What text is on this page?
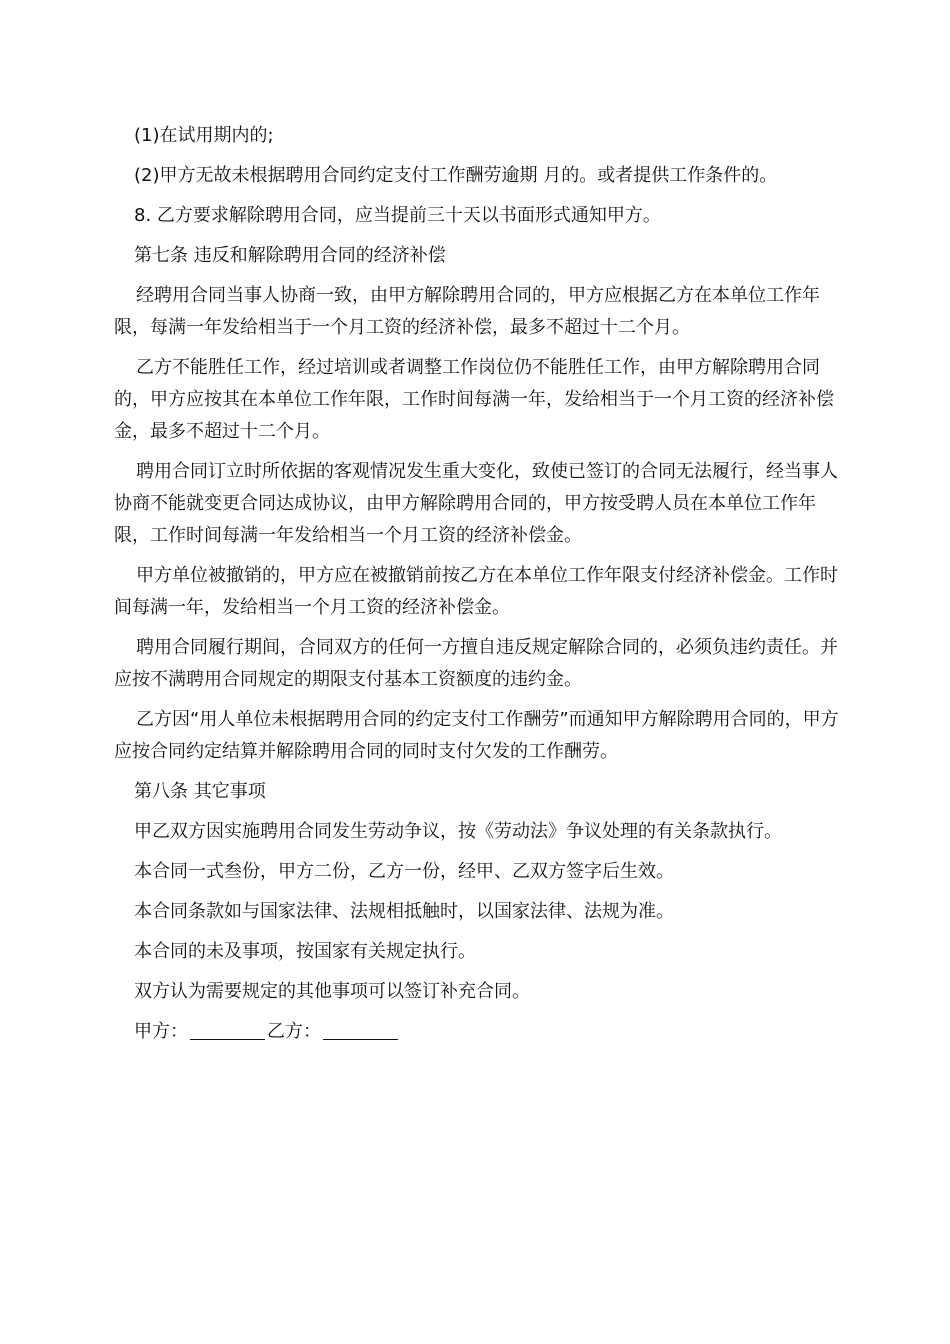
(1)在试用期内的;

(2)甲方无故未根据聘用合同约定支付工作酬劳逾期 月的。或者提供工作条件的。

8. 乙方要求解除聘用合同，应当提前三十天以书面形式通知甲方。

第七条 违反和解除聘用合同的经济补偿

经聘用合同当事人协商一致，由甲方解除聘用合同的，甲方应根据乙方在本单位工作年限，每满一年发给相当于一个月工资的经济补偿，最多不超过十二个月。

乙方不能胜任工作，经过培训或者调整工作岗位仍不能胜任工作，由甲方解除聘用合同的，甲方应按其在本单位工作年限，工作时间每满一年，发给相当于一个月工资的经济补偿金，最多不超过十二个月。

聘用合同订立时所依据的客观情况发生重大变化，致使已签订的合同无法履行，经当事人协商不能就变更合同达成协议，由甲方解除聘用合同的，甲方按受聘人员在本单位工作年限，工作时间每满一年发给相当一个月工资的经济补偿金。

甲方单位被撤销的，甲方应在被撤销前按乙方在本单位工作年限支付经济补偿金。工作时间每满一年，发给相当一个月工资的经济补偿金。

聘用合同履行期间，合同双方的任何一方擅自违反规定解除合同的，必须负违约责任。并应按不满聘用合同规定的期限支付基本工资额度的违约金。

乙方因“用人单位未根据聘用合同的约定支付工作酬劳”而通知甲方解除聘用合同的，甲方应按合同约定结算并解除聘用合同的同时支付欠发的工作酬劳。

第八条 其它事项

甲乙双方因实施聘用合同发生劳动争议，按《劳动法》争议处理的有关条款执行。

本合同一式叁份，甲方二份，乙方一份，经甲、乙双方签字后生效。

本合同条款如与国家法律、法规相抵触时，以国家法律、法规为准。

本合同的未及事项，按国家有关规定执行。

双方认为需要规定的其他事项可以签订补充合同。

甲方：	乙方：
